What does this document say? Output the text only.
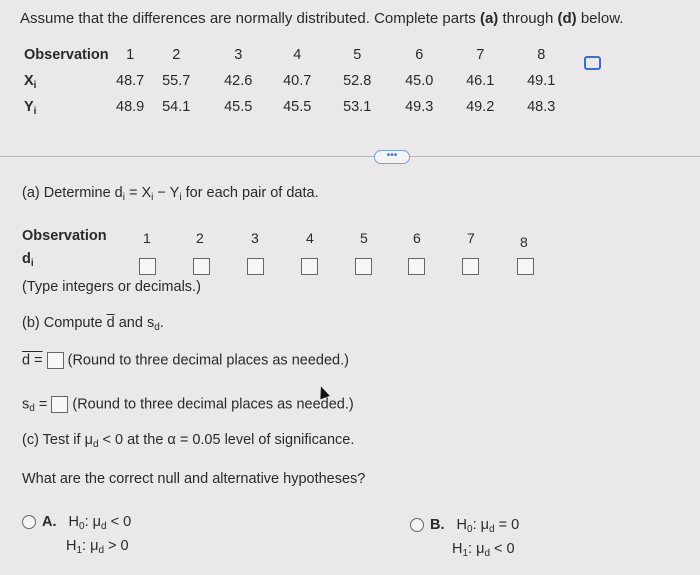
Assume that the differences are normally distributed. Complete parts (a) through (d) below.
Observation	1	2	3	4	5	6	7	8
$X_i$	48.7	55.7	42.6	40.7	52.8	45.0	46.1	49.1
$Y_i$	48.9	54.1	45.5	45.5	53.1	49.3	49.2	48.3
•••
(a) Determine $d_i = X_i - Y_i$ for each pair of data.
Observation	1	2	3	4	5	6	7	8
$d_i$
(Type integers or decimals.)
(b) Compute $\overline{d}$ and $s_d$.
d = (Round to three decimal places as needed.)
$s_d$ = (Round to three decimal places as needed.)
(c) Test if $\mu_d < 0$ at the α = 0.05 level of significance.
What are the correct null and alternative hypotheses?
A. $H_0$: $\mu_d < 0$
$H_1$: $\mu_d > 0$
B. $H_0$: $\mu_d = 0$
$H_1$: $\mu_d < 0$
